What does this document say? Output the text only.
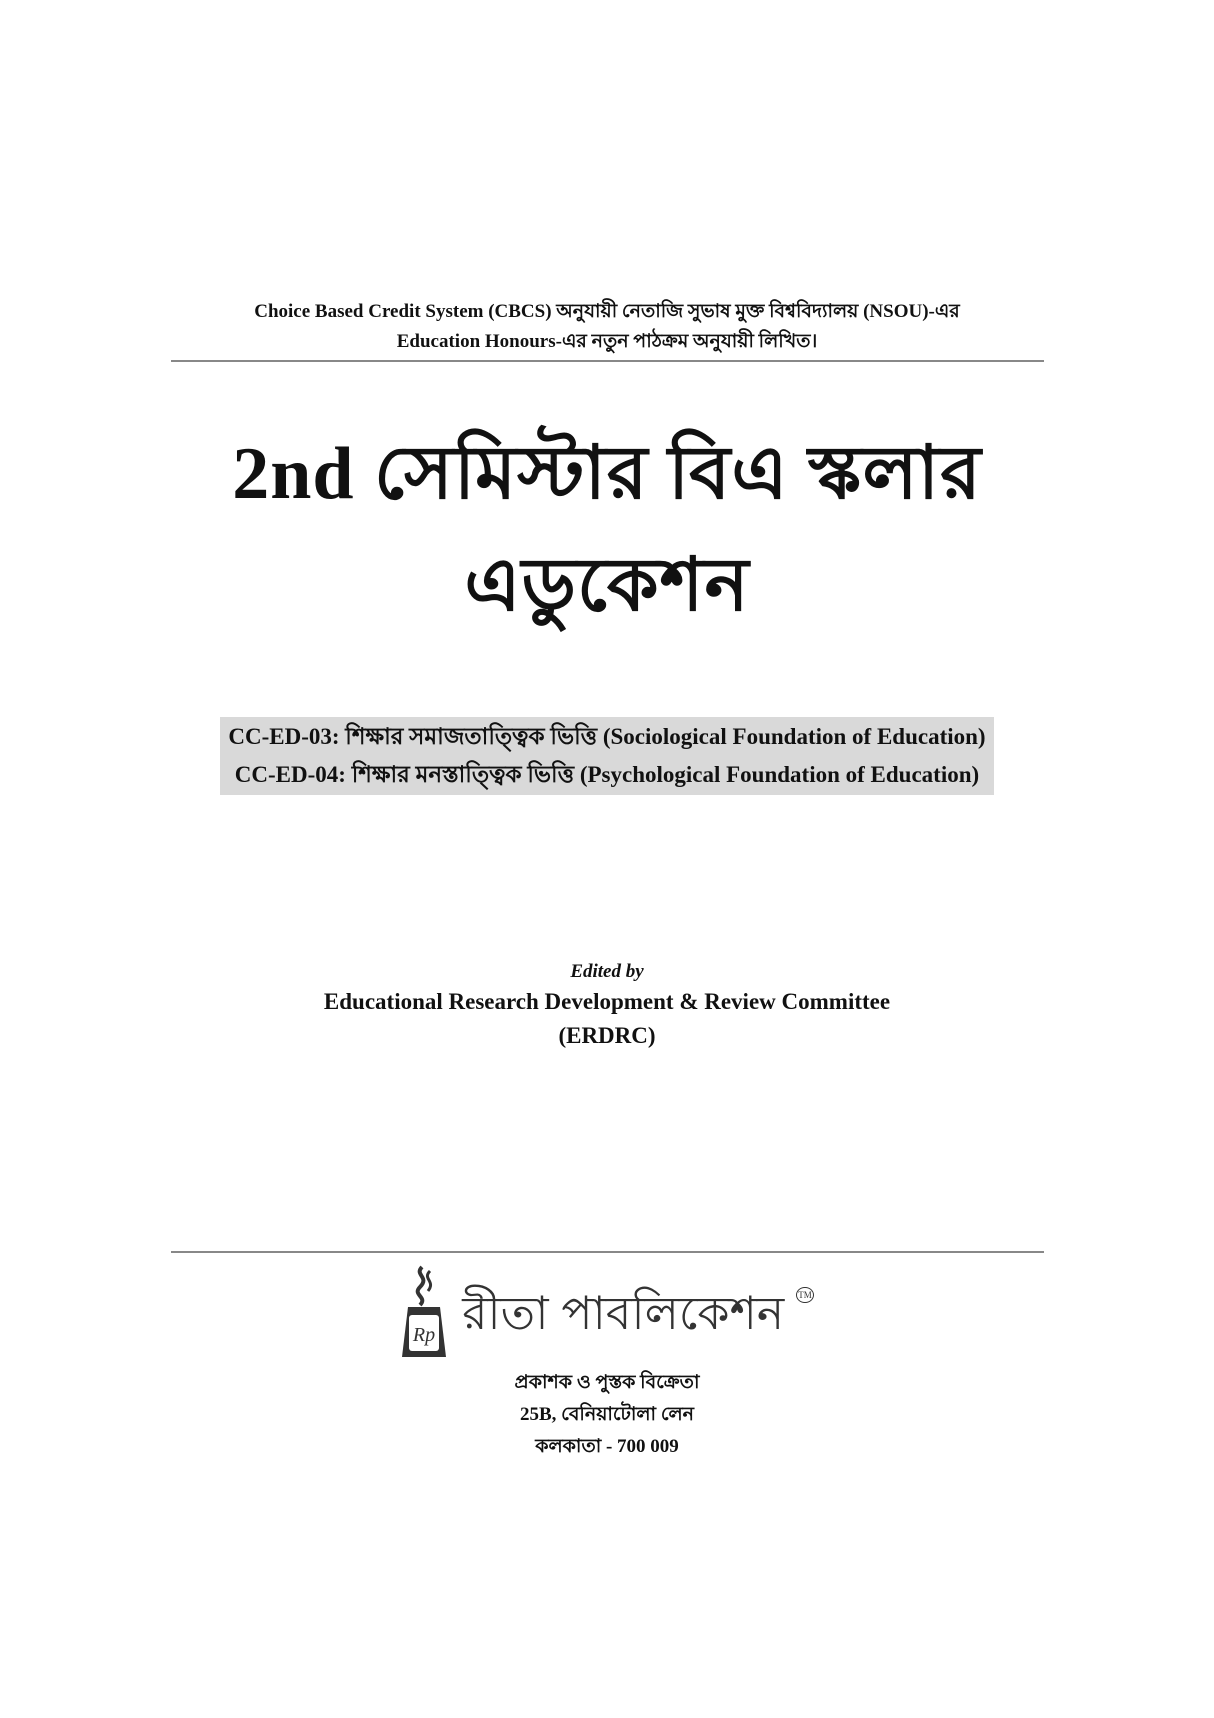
Choice Based Credit System (CBCS) অনুযায়ী নেতাজি সুভাষ মুক্ত বিশ্ববিদ্যালয় (NSOU)-এর
Education Honours-এর নতুন পাঠক্রম অনুযায়ী লিখিত।
2nd সেমিস্টার বিএ স্কলার
এডুকেশন
CC-ED-03: শিক্ষার সমাজতাত্ত্বিক ভিত্তি (Sociological Foundation of Education)
CC-ED-04: শিক্ষার মনস্তাত্ত্বিক ভিত্তি (Psychological Foundation of Education)
Edited by
Educational Research Development & Review Committee
(ERDRC)
Rp রীতা পাবলিকেশন TM
প্রকাশক ও পুস্তক বিক্রেতা
25B, বেনিয়াটোলা লেন
কলকাতা - 700 009
